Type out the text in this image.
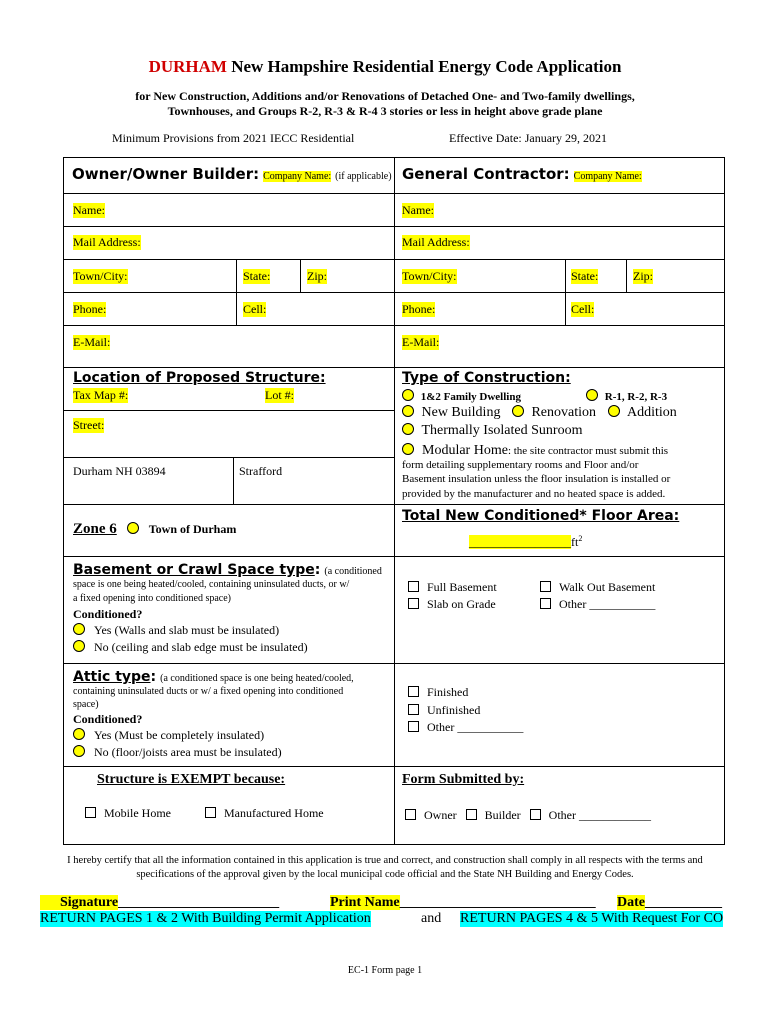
DURHAM New Hampshire Residential Energy Code Application
for New Construction, Additions and/or Renovations of Detached One- and Two-family dwellings,
Townhouses, and Groups R-2, R-3 & R-4 3 stories or less in height above grade plane
Minimum Provisions from 2021 IECC Residential	Effective Date: January 29, 2021
Owner/Owner Builder: Company Name: (if applicable)
Name:
Mail Address:
Town/City:	State:	Zip:
Phone:	Cell:
E-Mail:
General Contractor: Company Name:
Name:
Mail Address:
Town/City:	State:	Zip:
Phone:	Cell:
E-Mail:
Location of Proposed Structure:
Tax Map #:	Lot #:
Street:
Durham NH 03894	Strafford
Zone 6	Town of Durham
Type of Construction:
1&2 Family Dwelling	R-1, R-2, R-3
New Building Renovation Addition
Thermally Isolated Sunroom
Modular Home: the site contractor must submit this
form detailing supplementary rooms and Floor and/or
Basement insulation unless the floor insulation is installed or
provided by the manufacturer and no heated space is added.
Total New Conditioned* Floor Area:
$\_\_\_\_\_\_\_\_\_\_\_\_\_\_\_\_\_ft^2$
Basement or Crawl Space type: (a conditioned
space is one being heated/cooled, containing uninsulated ducts, or w/
a fixed opening into conditioned space)
Conditioned?
Yes (Walls and slab must be insulated)
No (ceiling and slab edge must be insulated)
Full Basement	Walk Out Basement
Slab on Grade	Other ___________
Attic type: (a conditioned space is one being heated/cooled,
containing uninsulated ducts or w/ a fixed opening into conditioned
space)
Conditioned?
Yes (Must be completely insulated)
No (floor/joists area must be insulated)
Finished
Unfinished
Other ___________
Structure is EXEMPT because:
Mobile Home	Manufactured Home
Form Submitted by:
Owner Builder Other ____________
I hereby certify that all the information contained in this application is true and correct, and construction shall comply in all respects with the terms and
specifications of the approval given by the local municipal code official and the State NH Building and Energy Codes.
Signature_______________________	Print Name____________________________ Date___________
RETURN PAGES 1 & 2 With Building Permit Application	and RETURN PAGES 4 & 5 With Request For CO
EC-1 Form page 1
